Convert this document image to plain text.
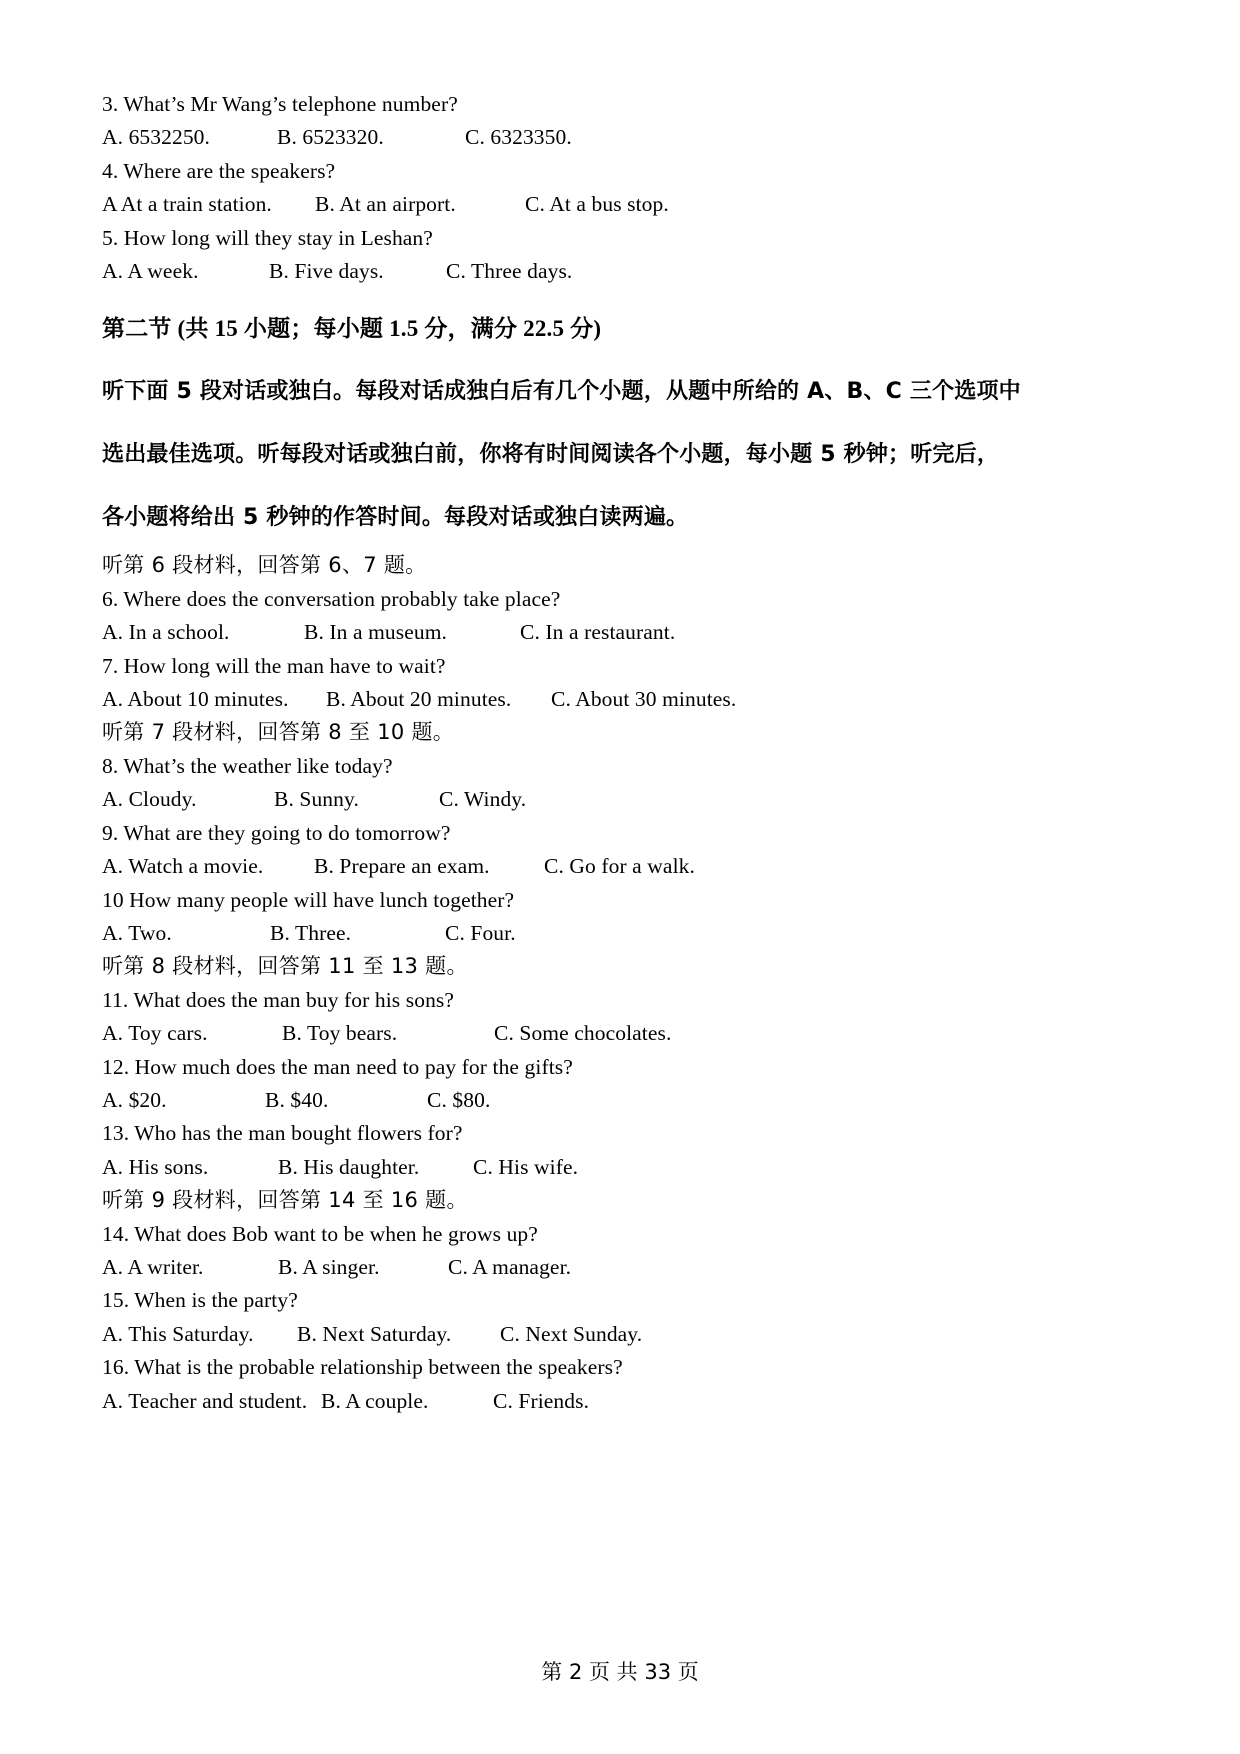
3. What’s Mr Wang’s telephone number?
A. 6532250.	B. 6523320.	C. 6323350.
4. Where are the speakers?
A At a train station. B. At an airport.	C. At a bus stop.
5. How long will they stay in Leshan?
A. A week.	B. Five days.	C. Three days.
第二节 (共 15 小题；每小题 1.5 分，满分 22.5 分)
听下面 5 段对话或独白。每段对话成独白后有几个小题，从题中所给的 A、B、C 三个选项中
选出最佳选项。听每段对话或独白前，你将有时间阅读各个小题，每小题 5 秒钟；听完后，
各小题将给出 5 秒钟的作答时间。每段对话或独白读两遍。
听第 6 段材料，回答第 6、7 题。
6. Where does the conversation probably take place?
A. In a school.	B. In a museum.	C. In a restaurant.
7. How long will the man have to wait?
A. About 10 minutes. B. About 20 minutes. C. About 30 minutes.
听第 7 段材料，回答第 8 至 10 题。
8. What’s the weather like today?
A. Cloudy.	B. Sunny.	C. Windy.
9. What are they going to do tomorrow?
A. Watch a movie. B. Prepare an exam.	C. Go for a walk.
10 How many people will have lunch together?
A. Two.	B. Three.	C. Four.
听第 8 段材料，回答第 11 至 13 题。
11. What does the man buy for his sons?
A. Toy cars.	B. Toy bears.	C. Some chocolates.
12. How much does the man need to pay for the gifts?
A. $20.	B. $40.	C. $80.
13. Who has the man bought flowers for?
A. His sons.	B. His daughter. C. His wife.
听第 9 段材料，回答第 14 至 16 题。
14. What does Bob want to be when he grows up?
A. A writer.	B. A singer.	C. A manager.
15. When is the party?
A. This Saturday. B. Next Saturday. C. Next Sunday.
16. What is the probable relationship between the speakers?
A. Teacher and student. B. A couple.	C. Friends.
第 2 页 共 33 页
